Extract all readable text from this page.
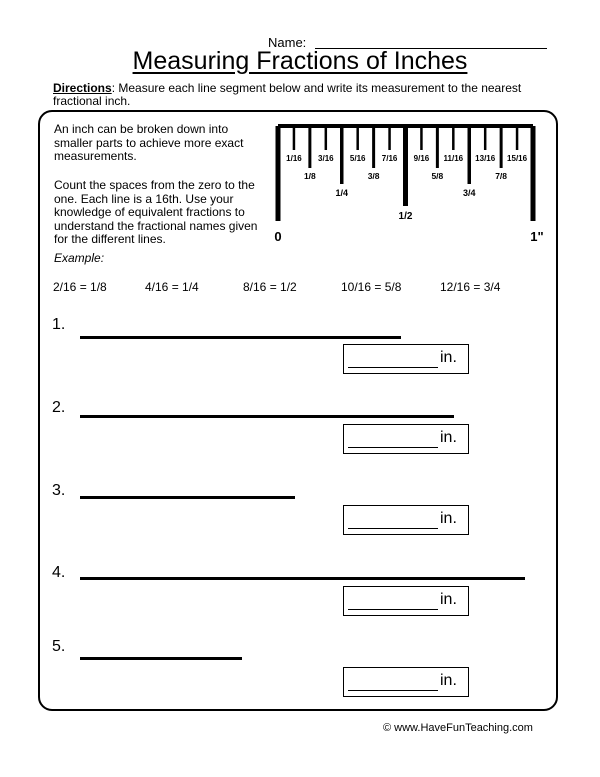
Name:
Measuring Fractions of Inches
Directions: Measure each line segment below and write its measurement to the nearest fractional inch.
An inch can be broken down into smaller parts to achieve more exact measurements.
Count the spaces from the zero to the one. Each line is a 16th. Use your knowledge of equivalent fractions to understand the fractional names given for the different lines.
1/16
1/8
3/16
1/4
5/16
3/8
7/16
1/2
9/16
5/8
11/16
3/4
13/16
7/8
15/16
0	1"
Example:
2/16 = 1/8	4/16 = 1/4	8/16 = 1/2	10/16 = 5/8	12/16 = 3/4
1.
in.
2.
in.
3.
in.
4.
in.
5.
in.
© www.HaveFunTeaching.com
